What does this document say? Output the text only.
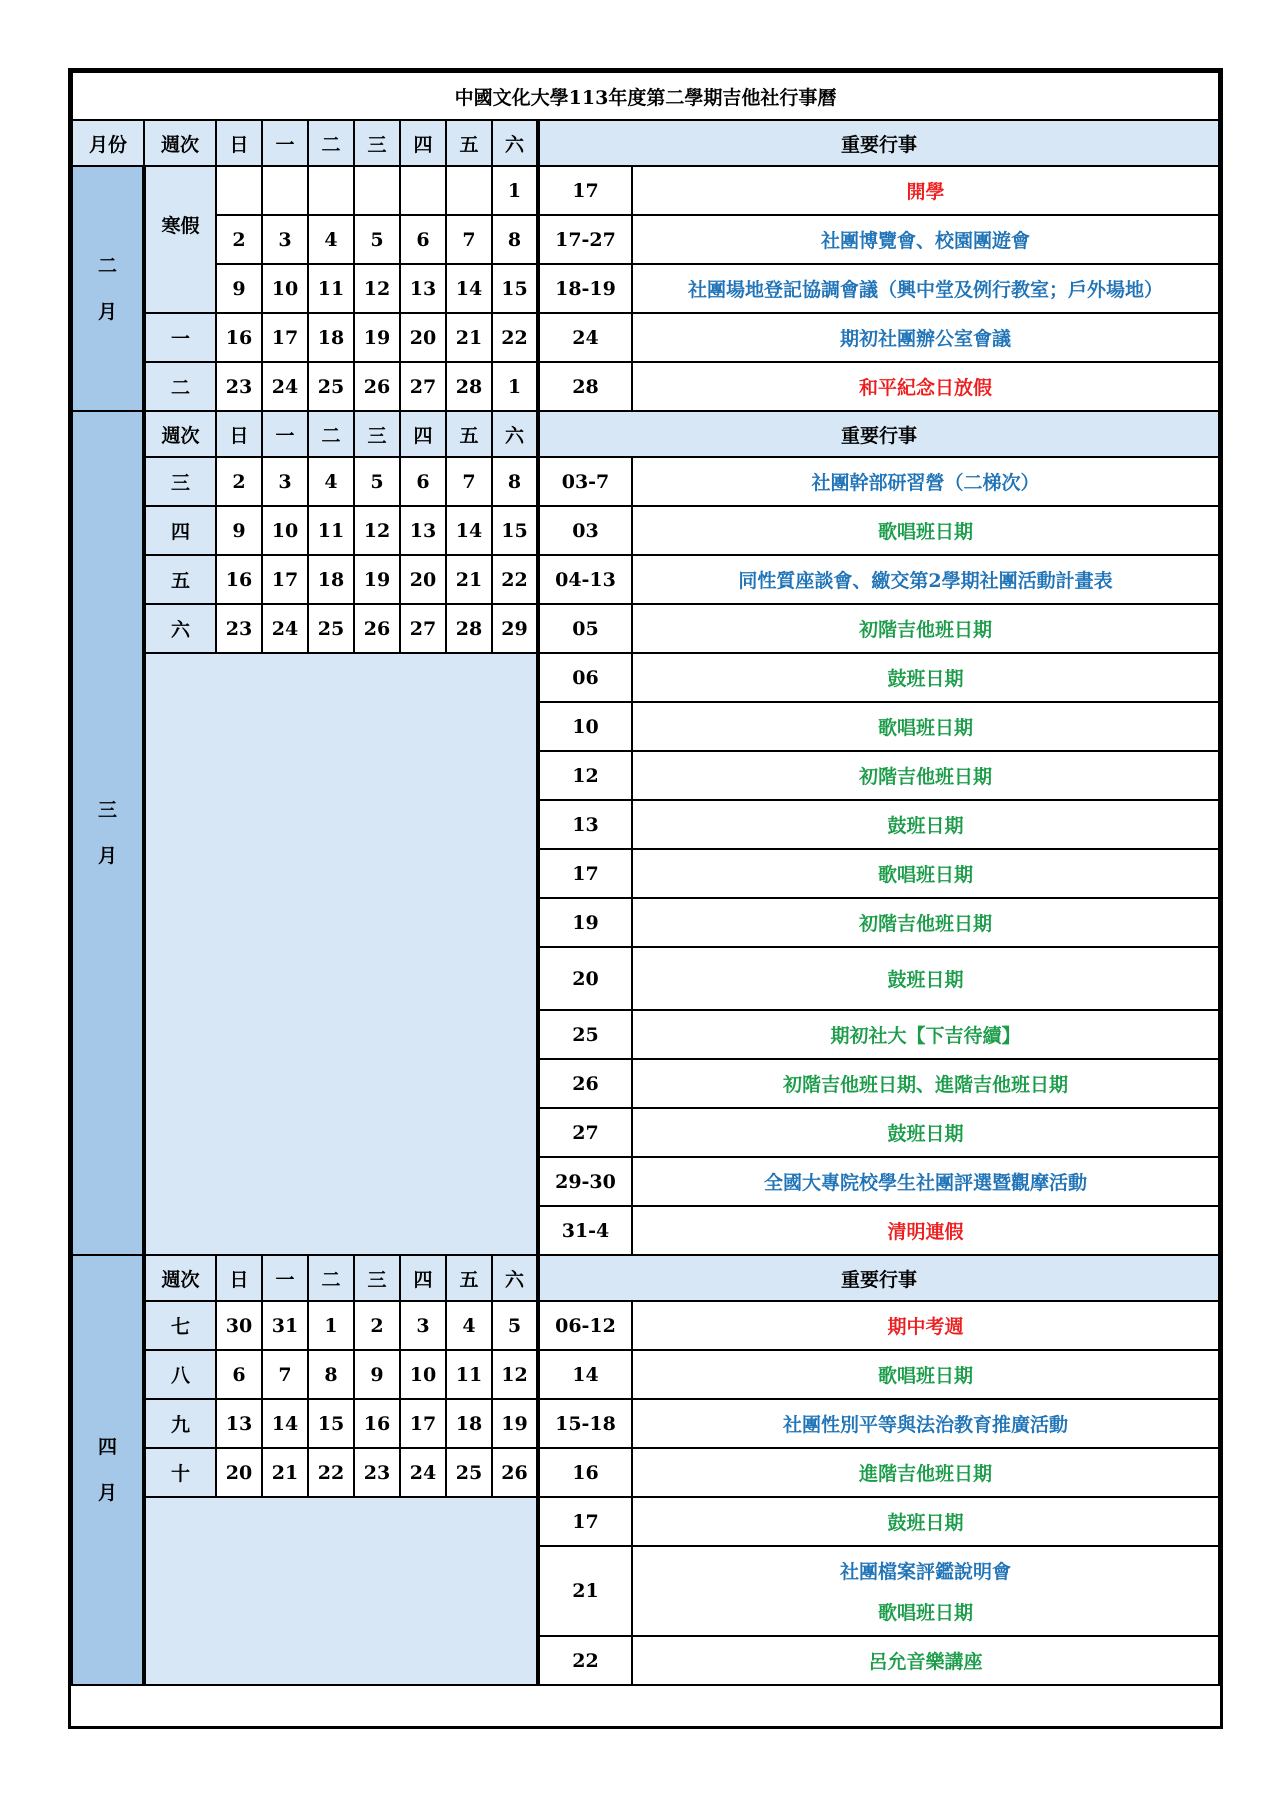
中國文化大學113年度第二學期吉他社行事曆										
月份	週次	日	一	二	三	四	五	六	重要行事	
二
月	寒假							1	17	開學
		2	3	4	5	6	7	8	17-27	社團博覽會、校園團遊會
		9	10	11	12	13	14	15	18-19	社團場地登記協調會議（興中堂及例行教室；戶外場地）
	一	16	17	18	19	20	21	22	24	期初社團辦公室會議
	二	23	24	25	26	27	28	1	28	和平紀念日放假
三
月	週次	日	一	二	三	四	五	六	重要行事	
	三	2	3	4	5	6	7	8	03-7	社團幹部研習營（二梯次）
	四	9	10	11	12	13	14	15	03	歌唱班日期
	五	16	17	18	19	20	21	22	04-13	同性質座談會、繳交第2學期社團活動計畫表
	六	23	24	25	26	27	28	29	05	初階吉他班日期
									06	鼓班日期
									10	歌唱班日期
									12	初階吉他班日期
									13	鼓班日期
									17	歌唱班日期
									19	初階吉他班日期
									20	鼓班日期
									25	期初社大【下吉待續】
									26	初階吉他班日期、進階吉他班日期
									27	鼓班日期
									29-30	全國大專院校學生社團評選暨觀摩活動
									31-4	清明連假
四
月	週次	日	一	二	三	四	五	六	重要行事	
	七	30	31	1	2	3	4	5	06-12	期中考週
	八	6	7	8	9	10	11	12	14	歌唱班日期
	九	13	14	15	16	17	18	19	15-18	社團性別平等與法治教育推廣活動
	十	20	21	22	23	24	25	26	16	進階吉他班日期
									17	鼓班日期
									21	社團檔案評鑑說明會
歌唱班日期

									22	呂允音樂講座
